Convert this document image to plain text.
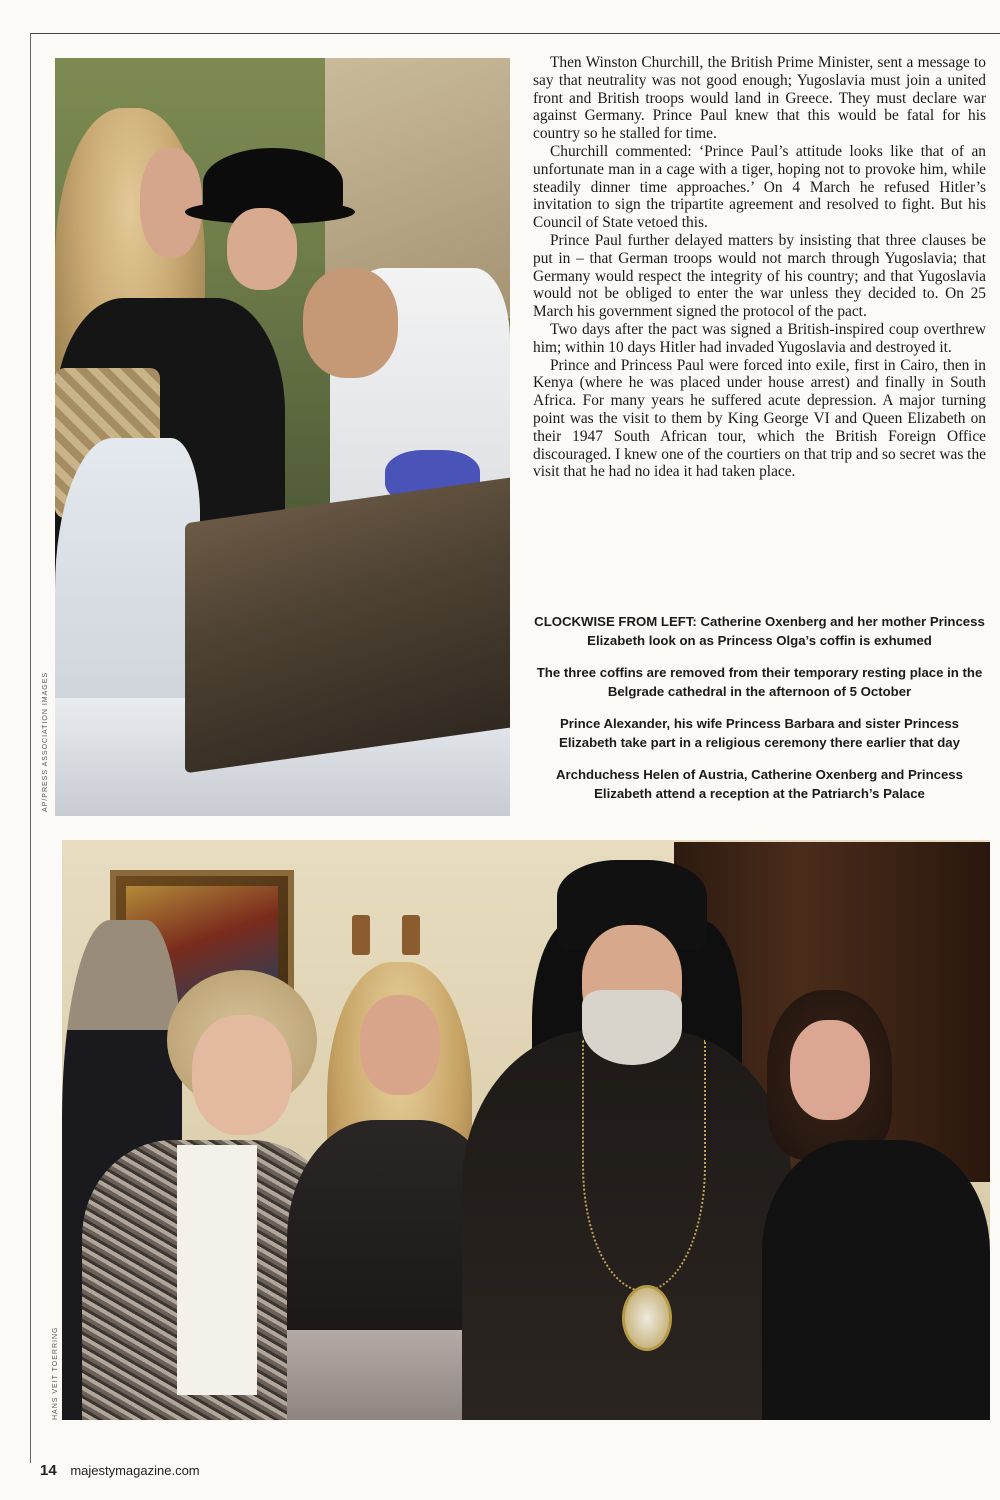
AP/PRESS ASSOCIATION IMAGES

Then Winston Churchill, the British Prime Minister, sent a message to say that neutrality was not good enough; Yugoslavia must join a united front and British troops would land in Greece. They must declare war against Germany. Prince Paul knew that this would be fatal for his country so he stalled for time.

Churchill commented: ‘Prince Paul’s attitude looks like that of an unfortunate man in a cage with a tiger, hoping not to provoke him, while steadily dinner time approaches.’ On 4 March he refused Hitler’s invitation to sign the tripartite agreement and resolved to fight. But his Council of State vetoed this.

Prince Paul further delayed matters by insisting that three clauses be put in – that German troops would not march through Yugoslavia; that Germany would respect the integrity of his country; and that Yugoslavia would not be obliged to enter the war unless they decided to. On 25 March his government signed the protocol of the pact.

Two days after the pact was signed a British-inspired coup overthrew him; within 10 days Hitler had invaded Yugoslavia and destroyed it.

Prince and Princess Paul were forced into exile, first in Cairo, then in Kenya (where he was placed under house arrest) and finally in South Africa. For many years he suffered acute depression. A major turning point was the visit to them by King George VI and Queen Elizabeth on their 1947 South African tour, which the British Foreign Office discouraged. I knew one of the courtiers on that trip and so secret was the visit that he had no idea it had taken place.

CLOCKWISE FROM LEFT: Catherine Oxenberg and her mother Princess Elizabeth look on as Princess Olga’s coffin is exhumed

The three coffins are removed from their temporary resting place in the Belgrade cathedral in the afternoon of 5 October

Prince Alexander, his wife Princess Barbara and sister Princess Elizabeth take part in a religious ceremony there earlier that day

Archduchess Helen of Austria, Catherine Oxenberg and Princess Elizabeth attend a reception at the Patriarch’s Palace

HANS VEIT TOERRING
14 majestymagazine.com
